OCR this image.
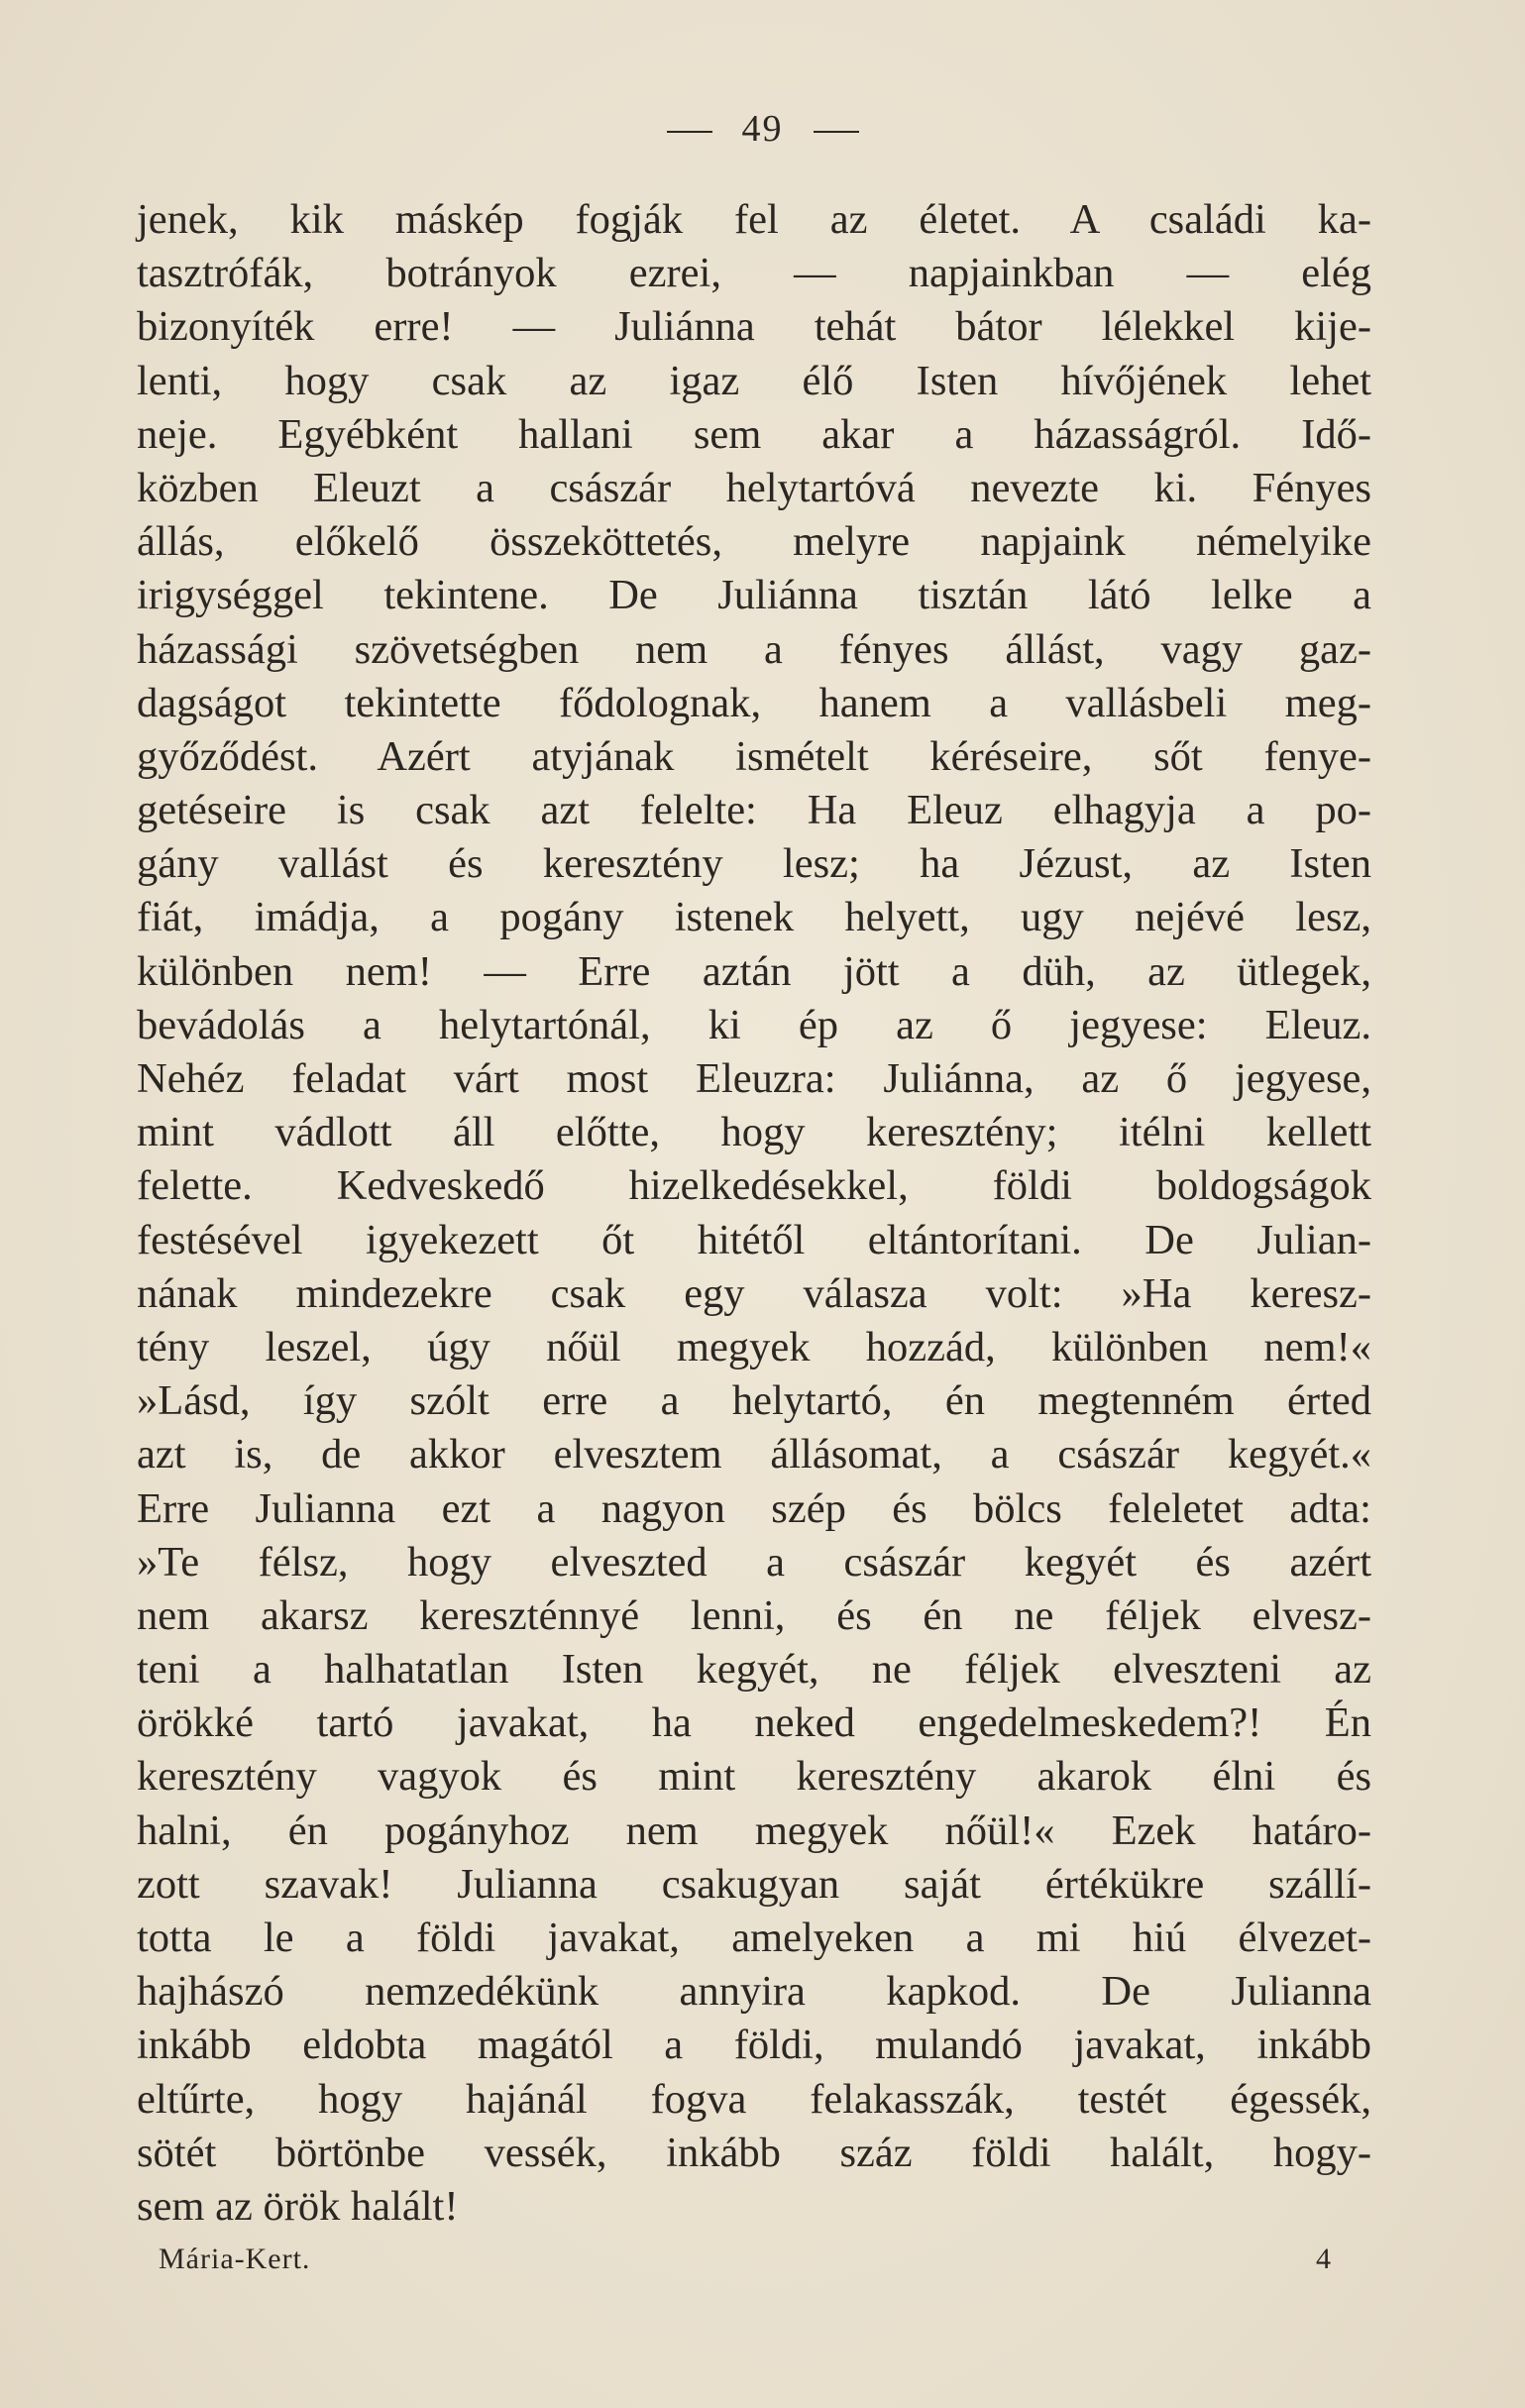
49
jenek, kik máskép fogják fel az életet. A családi ka-
tasztrófák, botrányok ezrei, — napjainkban — elég
bizonyíték erre! — Juliánna tehát bátor lélekkel kije-
lenti, hogy csak az igaz élő Isten hívőjének lehet
neje. Egyébként hallani sem akar a házasságról. Idő-
közben Eleuzt a császár helytartóvá nevezte ki. Fényes
állás, előkelő összeköttetés, melyre napjaink némelyike
irigységgel tekintene. De Juliánna tisztán látó lelke a
házassági szövetségben nem a fényes állást, vagy gaz-
dagságot tekintette fődolognak, hanem a vallásbeli meg-
győződést. Azért atyjának ismételt kéréseire, sőt fenye-
getéseire is csak azt felelte: Ha Eleuz elhagyja a po-
gány vallást és keresztény lesz; ha Jézust, az Isten
fiát, imádja, a pogány istenek helyett, ugy nejévé lesz,
különben nem! — Erre aztán jött a düh, az ütlegek,
bevádolás a helytartónál, ki ép az ő jegyese: Eleuz.
Nehéz feladat várt most Eleuzra: Juliánna, az ő jegyese,
mint vádlott áll előtte, hogy keresztény; itélni kellett
felette. Kedveskedő hizelkedésekkel, földi boldogságok
festésével igyekezett őt hitétől eltántorítani. De Julian-
nának mindezekre csak egy válasza volt: »Ha keresz-
tény leszel, úgy nőül megyek hozzád, különben nem!«
»Lásd, így szólt erre a helytartó, én megtenném érted
azt is, de akkor elvesztem állásomat, a császár kegyét.«
Erre Julianna ezt a nagyon szép és bölcs feleletet adta:
»Te félsz, hogy elveszted a császár kegyét és azért
nem akarsz kereszténnyé lenni, és én ne féljek elvesz-
teni a halhatatlan Isten kegyét, ne féljek elveszteni az
örökké tartó javakat, ha neked engedelmeskedem?! Én
keresztény vagyok és mint keresztény akarok élni és
halni, én pogányhoz nem megyek nőül!« Ezek határo-
zott szavak! Julianna csakugyan saját értékükre szállí-
totta le a földi javakat, amelyeken a mi hiú élvezet-
hajhászó nemzedékünk annyira kapkod. De Julianna
inkább eldobta magától a földi, mulandó javakat, inkább
eltűrte, hogy hajánál fogva felakasszák, testét égessék,
sötét börtönbe vessék, inkább száz földi halált, hogy-
sem az örök halált!
Mária-Kert.	4
